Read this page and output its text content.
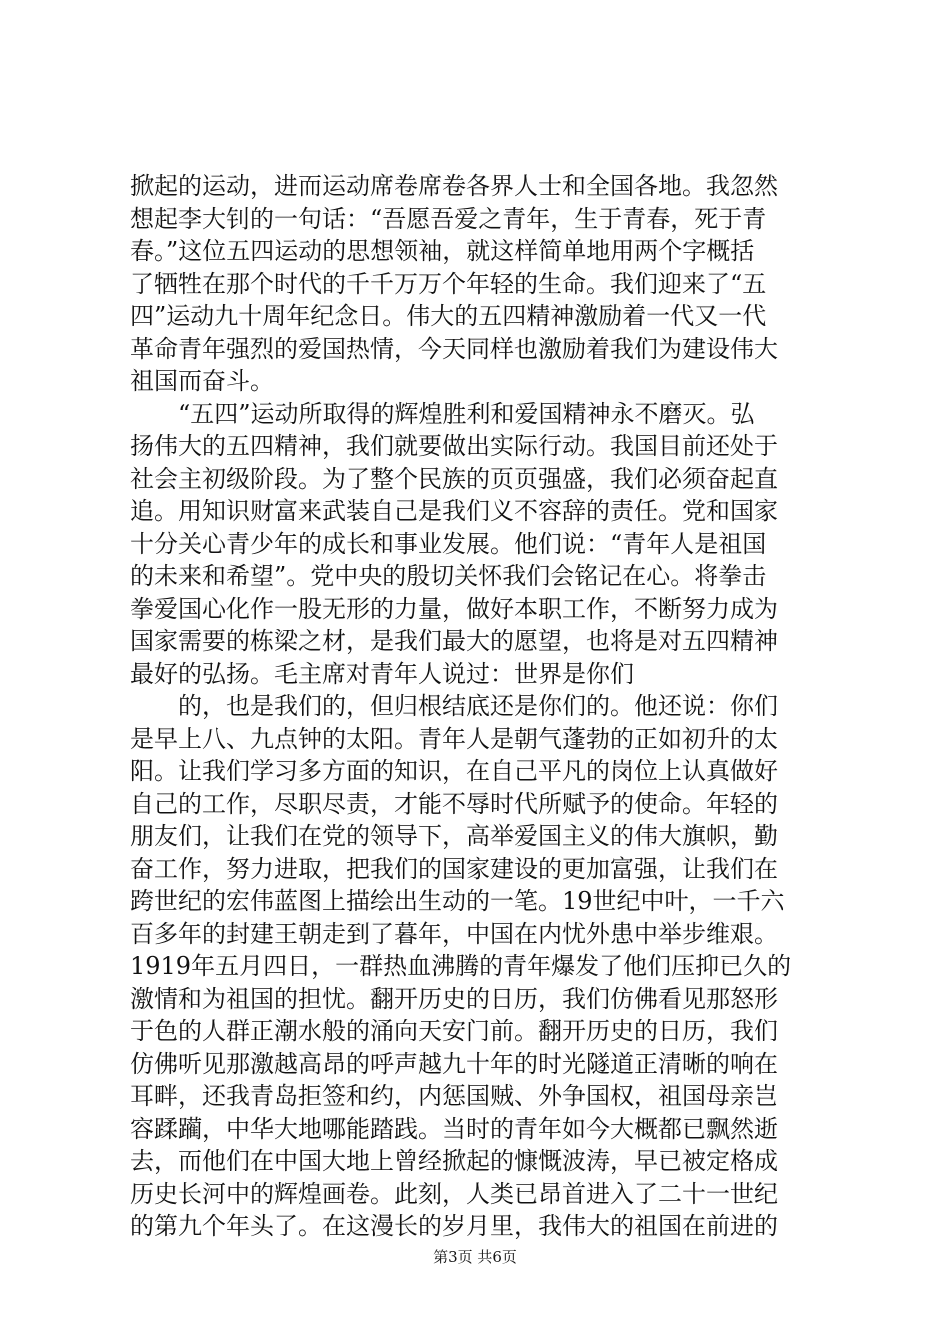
掀起的运动，进而运动席卷席卷各界人士和全国各地。我忽然
想起李大钊的一句话：“吾愿吾爱之青年，生于青春，死于青
春。”这位五四运动的思想领袖，就这样简单地用两个字概括
了牺牲在那个时代的千千万万个年轻的生命。我们迎来了“五
四”运动九十周年纪念日。伟大的五四精神激励着一代又一代
革命青年强烈的爱国热情，今天同样也激励着我们为建设伟大
祖国而奋斗。
“五四”运动所取得的辉煌胜利和爱国精神永不磨灭。弘
扬伟大的五四精神，我们就要做出实际行动。我国目前还处于
社会主初级阶段。为了整个民族的页页强盛，我们必须奋起直
追。用知识财富来武装自己是我们义不容辞的责任。党和国家
十分关心青少年的成长和事业发展。他们说：“青年人是祖国
的未来和希望”。党中央的殷切关怀我们会铭记在心。将拳击
拳爱国心化作一股无形的力量，做好本职工作，不断努力成为
国家需要的栋梁之材，是我们最大的愿望，也将是对五四精神
最好的弘扬。毛主席对青年人说过：世界是你们
的，也是我们的，但归根结底还是你们的。他还说：你们
是早上八、九点钟的太阳。青年人是朝气蓬勃的正如初升的太
阳。让我们学习多方面的知识，在自己平凡的岗位上认真做好
自己的工作，尽职尽责，才能不辱时代所赋予的使命。年轻的
朋友们，让我们在党的领导下，高举爱国主义的伟大旗帜，勤
奋工作，努力进取，把我们的国家建设的更加富强，让我们在
跨世纪的宏伟蓝图上描绘出生动的一笔。19世纪中叶，一千六
百多年的封建王朝走到了暮年，中国在内忧外患中举步维艰。
1919年五月四日，一群热血沸腾的青年爆发了他们压抑已久的
激情和为祖国的担忧。翻开历史的日历，我们仿佛看见那怒形
于色的人群正潮水般的涌向天安门前。翻开历史的日历，我们
仿佛听见那激越高昂的呼声越九十年的时光隧道正清晰的响在
耳畔，还我青岛拒签和约，内惩国贼、外争国权，祖国母亲岂
容蹂躏，中华大地哪能踏践。当时的青年如今大概都已飘然逝
去，而他们在中国大地上曾经掀起的慷慨波涛，早已被定格成
历史长河中的辉煌画卷。此刻，人类已昂首进入了二十一世纪
的第九个年头了。在这漫长的岁月里，我伟大的祖国在前进的
第3页 共6页
